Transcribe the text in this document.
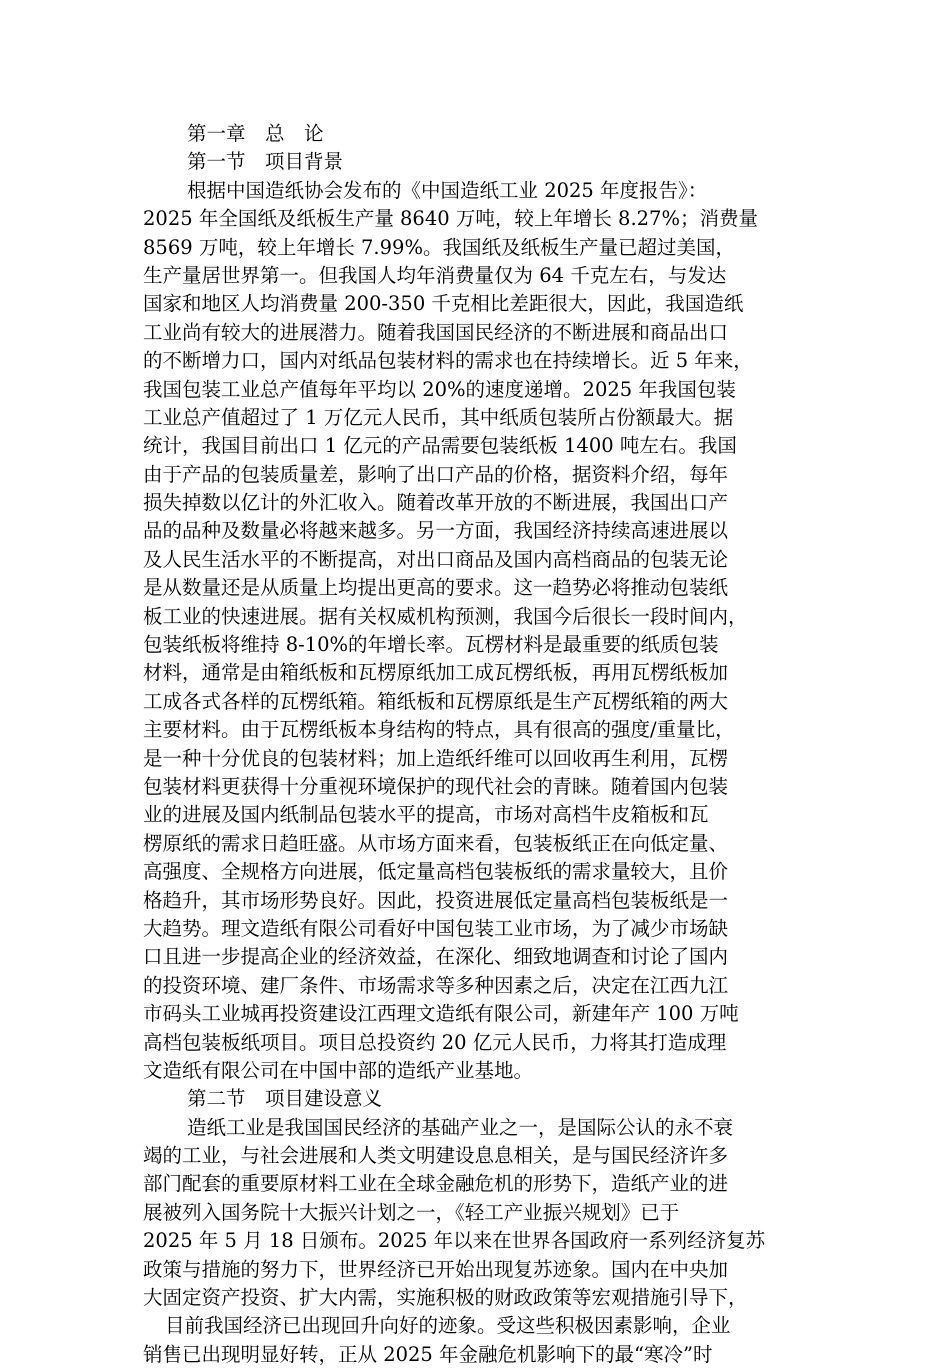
第一章　总　论
第一节　项目背景
根据中国造纸协会发布的《中国造纸工业 2025 年度报告》：
2025 年全国纸及纸板生产量 8640 万吨，较上年增长 8.27%；消费量
8569 万吨，较上年增长 7.99%。我国纸及纸板生产量已超过美国，
生产量居世界第一。但我国人均年消费量仅为 64 千克左右，与发达
国家和地区人均消费量 200-350 千克相比差距很大，因此，我国造纸
工业尚有较大的进展潜力。随着我国国民经济的不断进展和商品出口
的不断增力口，国内对纸品包装材料的需求也在持续增长。近 5 年来，
我国包装工业总产值每年平均以 20%的速度递增。2025 年我国包装
工业总产值超过了 1 万亿元人民币，其中纸质包装所占份额最大。据
统计，我国目前出口 1 亿元的产品需要包装纸板 1400 吨左右。我国
由于产品的包装质量差，影响了出口产品的价格，据资料介绍，每年
损失掉数以亿计的外汇收入。随着改革开放的不断进展，我国出口产
品的品种及数量必将越来越多。另一方面，我国经济持续高速进展以
及人民生活水平的不断提高，对出口商品及国内高档商品的包装无论
是从数量还是从质量上均提出更高的要求。这一趋势必将推动包装纸
板工业的快速进展。据有关权威机构预测，我国今后很长一段时间内，
包装纸板将维持 8-10%的年增长率。瓦楞材料是最重要的纸质包装
材料，通常是由箱纸板和瓦楞原纸加工成瓦楞纸板，再用瓦楞纸板加
工成各式各样的瓦楞纸箱。箱纸板和瓦楞原纸是生产瓦楞纸箱的两大
主要材料。由于瓦楞纸板本身结构的特点，具有很高的强度/重量比，
是一种十分优良的包装材料；加上造纸纤维可以回收再生利用，瓦楞
包装材料更获得十分重视环境保护的现代社会的青睐。随着国内包装
业的进展及国内纸制品包装水平的提高，市场对高档牛皮箱板和瓦
楞原纸的需求日趋旺盛。从市场方面来看，包装板纸正在向低定量、
高强度、全规格方向进展，低定量高档包装板纸的需求量较大，且价
格趋升，其市场形势良好。因此，投资进展低定量高档包装板纸是一
大趋势。理文造纸有限公司看好中国包装工业市场，为了减少市场缺
口且进一步提高企业的经济效益，在深化、细致地调查和讨论了国内
的投资环境、建厂条件、市场需求等多种因素之后，决定在江西九江
市码头工业城再投资建设江西理文造纸有限公司，新建年产 100 万吨
高档包装板纸项目。项目总投资约 20 亿元人民币，力将其打造成理
文造纸有限公司在中国中部的造纸产业基地。
第二节　项目建设意义
造纸工业是我国国民经济的基础产业之一，是国际公认的永不衰
竭的工业，与社会进展和人类文明建设息息相关，是与国民经济许多
部门配套的重要原材料工业在全球金融危机的形势下，造纸产业的进
展被列入国务院十大振兴计划之一，《轻工产业振兴规划》已于
2025 年 5 月 18 日颁布。2025 年以来在世界各国政府一系列经济复苏
政策与措施的努力下，世界经济已开始出现复苏迹象。国内在中央加
大固定资产投资、扩大内需，实施积极的财政政策等宏观措施引导下，
目前我国经济已出现回升向好的迹象。受这些积极因素影响，企业
销售已出现明显好转，正从 2025 年金融危机影响下的最“寒冷”时
